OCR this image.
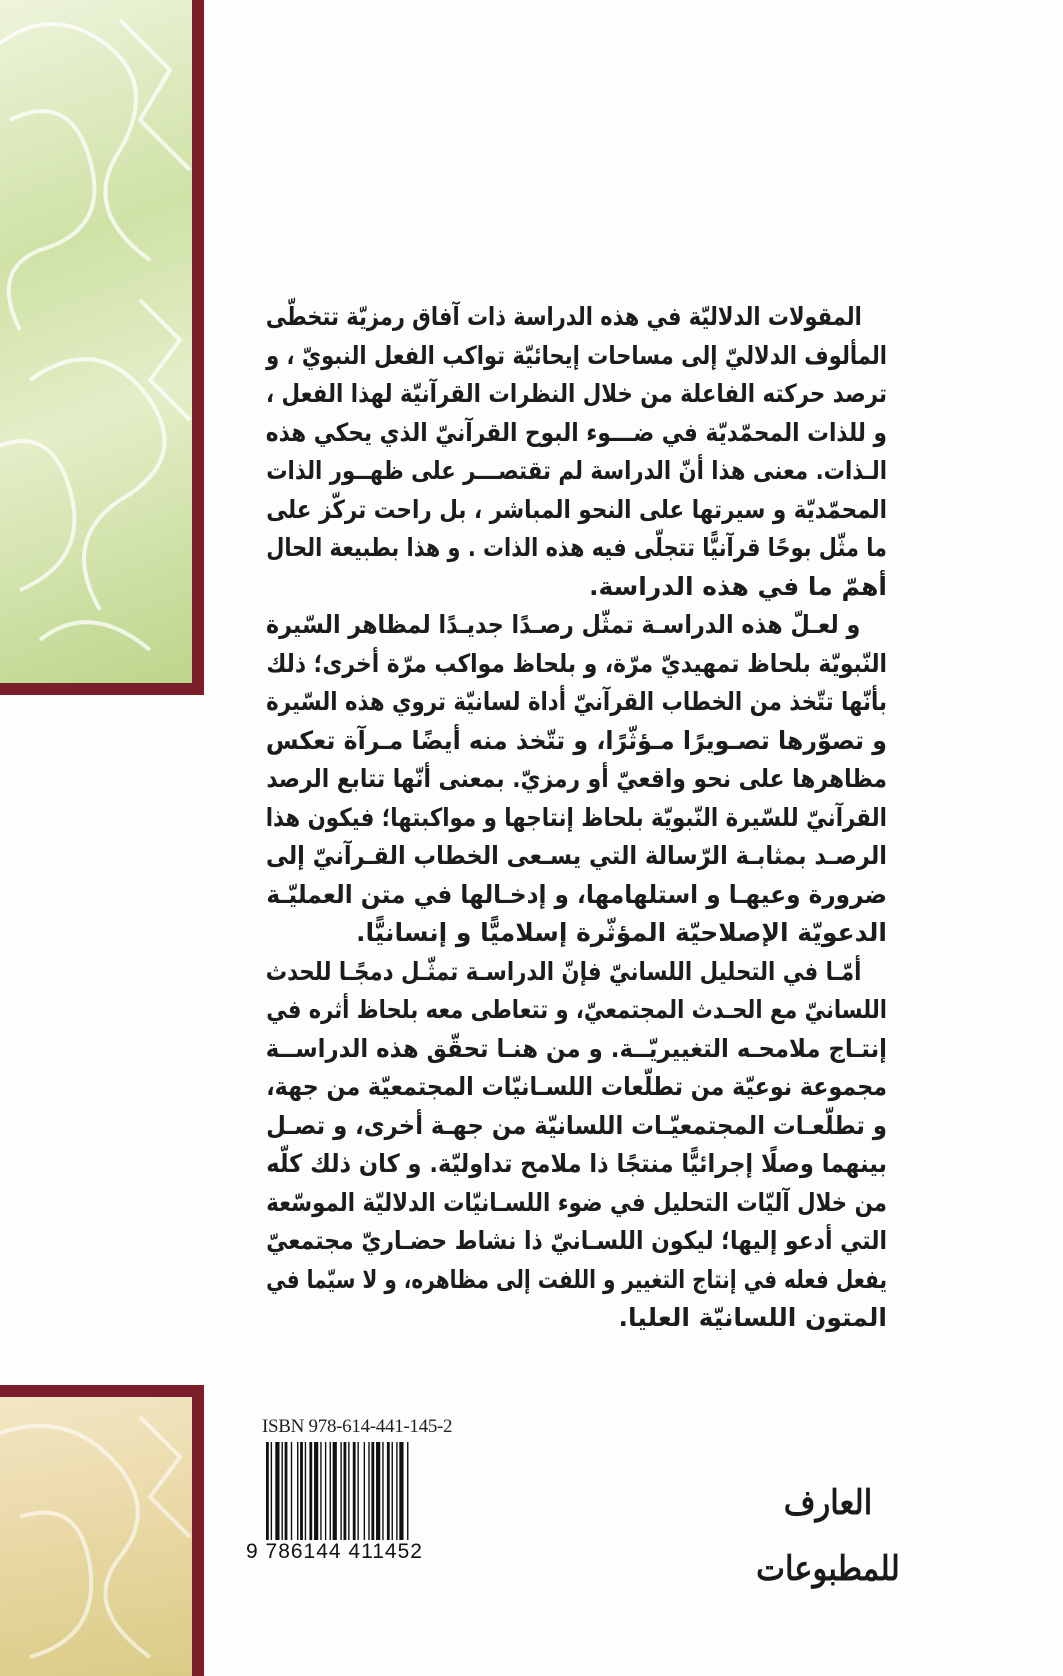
المقولات الدلاليّة في هذه الدراسة ذات آفاق رمزيّة تتخطّى
المألوف الدلاليّ إلى مساحات إيحائيّة تواكب الفعل النبويّ ، و
ترصد حركته الفاعلة من خلال النظرات القرآنيّة لهذا الفعل ،
و للذات المحمّديّة في ضـــوء البوح القرآنيّ الذي يحكي هذه
الـذات. معنى هذا أنّ الدراسة لم تقتصـــر على ظهــور الذات
المحمّديّة و سيرتها على النحو المباشر ، بل راحت تركّز على
ما مثّل بوحًا قرآنيًّا تتجلّى فيه هذه الذات . و هذا بطبيعة الحال
أهمّ ما في هذه الدراسة.
و لعـلّ هذه الدراسـة تمثّل رصـدًا جديـدًا لمظاهر السّيرة
النّبويّة بلحاظ تمهيديّ مرّة، و بلحاظ مواكب مرّة أخرى؛ ذلك
بأنّها تتّخذ من الخطاب القرآنيّ أداة لسانيّة تروي هذه السّيرة
و تصوّرها تصـويرًا مـؤثّرًا، و تتّخذ منه أيضًا مـرآة تعكس
مظاهرها على نحو واقعيّ أو رمزيّ. بمعنى أنّها تتابع الرصد
القرآنيّ للسّيرة النّبويّة بلحاظ إنتاجها و مواكبتها؛ فيكون هذا
الرصـد بمثابـة الرّسالة التي يسـعى الخطاب القـرآنيّ إلى
ضرورة وعيهـا و استلهامها، و إدخـالها في متن العمليّـة
الدعويّة الإصلاحيّة المؤثّرة إسلاميًّا و إنسانيًّا.
أمّـا في التحليل اللسانيّ فإنّ الدراسـة تمثّـل دمجًـا للحدث
اللسانيّ مع الحـدث المجتمعيّ، و تتعاطى معه بلحاظ أثره في
إنتـاج ملامحـه التغييريّــة. و من هنـا تحقّق هذه الدراســة
مجموعة نوعيّة من تطلّعات اللسـانيّات المجتمعيّة من جهة،
و تطلّعـات المجتمعيّـات اللسانيّة من جهـة أخرى، و تصـل
بينهما وصلًا إجرائيًّا منتجًا ذا ملامح تداوليّة. و كان ذلك كلّه
من خلال آليّات التحليل في ضوء اللسـانيّات الدلاليّة الموسّعة
التي أدعو إليها؛ ليكون اللسـانيّ ذا نشاط حضـاريّ مجتمعيّ
يفعل فعله في إنتاج التغيير و اللفت إلى مظاهره، و لا سيّما في
المتون اللسانيّة العليا.
ISBN 978-614-441-145-2
9 786144 411452
العارف للمطبوعات
